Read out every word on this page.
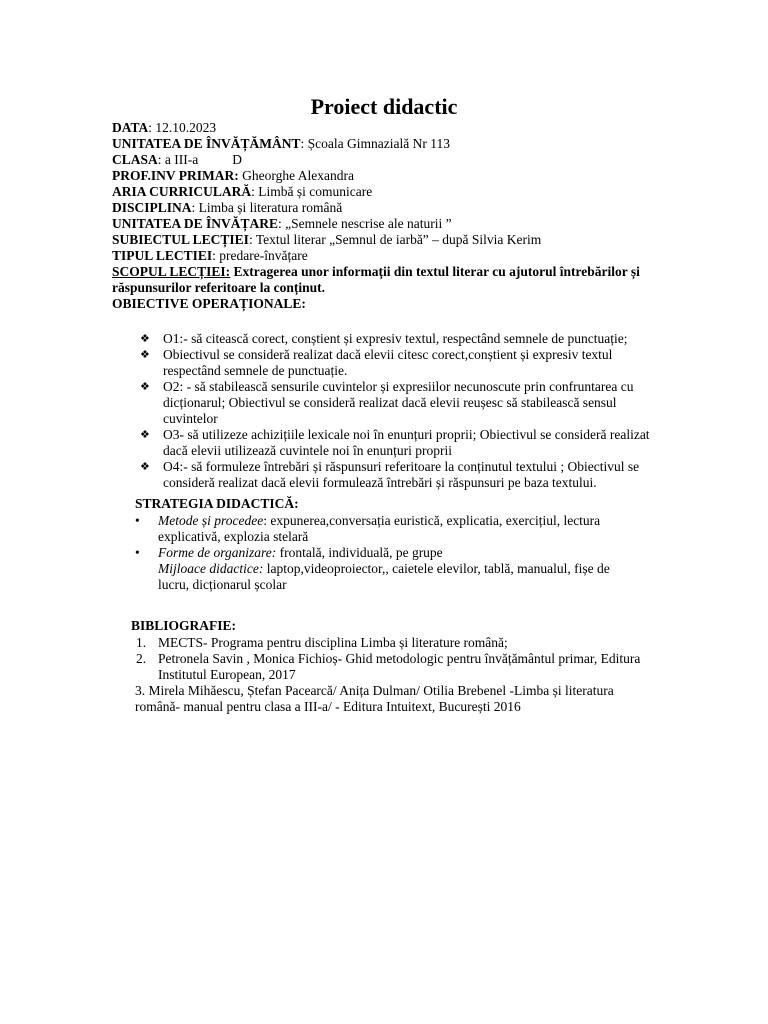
Proiect didactic
DATA: 12.10.2023
UNITATEA DE ÎNVĂȚĂMÂNT: Școala Gimnazială Nr 113
CLASA: a III-a	D
PROF.INV PRIMAR: Gheorghe Alexandra
ARIA CURRICULARĂ: Limbă și comunicare
DISCIPLINA: Limba și literatura română
UNITATEA DE ÎNVĂȚARE: „Semnele nescrise ale naturii ”
SUBIECTUL LECȚIEI: Textul literar „Semnul de iarbă” – după Silvia Kerim
TIPUL LECTIEI: predare-învățare
SCOPUL LECȚIEI: Extragerea unor informații din textul literar cu ajutorul întrebărilor și răspunsurilor referitoare la conținut.
OBIECTIVE OPERAȚIONALE:
❖ O1:- să citească corect, conștient și expresiv textul, respectând semnele de punctuație;
❖ Obiectivul se consideră realizat dacă elevii citesc corect,conștient și expresiv textul respectând semnele de punctuație.
❖ O2: - să stabilească sensurile cuvintelor și expresiilor necunoscute prin confruntarea cu dicționarul; Obiectivul se consideră realizat dacă elevii reușesc să stabilească sensul cuvintelor
❖ O3- să utilizeze achizițiile lexicale noi în enunțuri proprii; Obiectivul se consideră realizat dacă elevii utilizează cuvintele noi în enunțuri proprii
❖ O4:- să formuleze întrebări și răspunsuri referitoare la conținutul textului ; Obiectivul se consideră realizat dacă elevii formulează întrebări și răspunsuri pe baza textului.
STRATEGIA DIDACTICĂ:
• Metode și procedee: expunerea,conversația euristică, explicatia, exercițiul, lectura explicativă, explozia stelară
• Forme de organizare: frontală, individuală, pe grupe
Mijloace didactice: laptop,videoproiector,, caietele elevilor, tablă, manualul, fișe de lucru, dicționarul școlar
BIBLIOGRAFIE:
1. MECTS- Programa pentru disciplina Limba și literature română;
2. Petronela Savin , Monica Fichioș- Ghid metodologic pentru învățământul primar, Editura Institutul European, 2017
3. Mirela Mihăescu, Ștefan Pacearcă/ Anița Dulman/ Otilia Brebenel -Limba și literatura română- manual pentru clasa a III-a/ - Editura Intuitext, București 2016
